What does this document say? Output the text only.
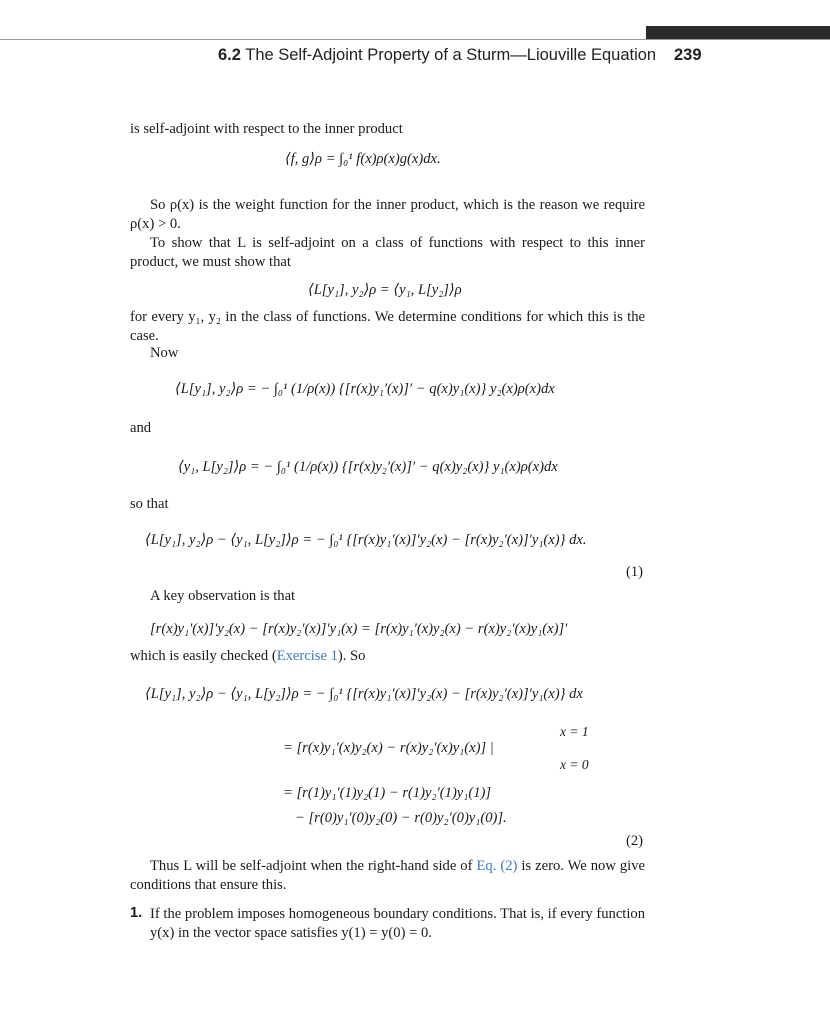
6.2 The Self-Adjoint Property of a Sturm—Liouville Equation 239
is self-adjoint with respect to the inner product
⟨f, g⟩ρ = ∫₀¹ f(x)ρ(x)g(x)dx.
So ρ(x) is the weight function for the inner product, which is the reason we require ρ(x) > 0.
To show that L is self-adjoint on a class of functions with respect to this inner product, we must show that
⟨L[y₁], y₂⟩ρ = ⟨y₁, L[y₂]⟩ρ
for every y₁, y₂ in the class of functions. We determine conditions for which this is the case.
Now
⟨L[y₁], y₂⟩ρ = − ∫₀¹ (1/ρ(x)) {[r(x)y₁′(x)]′ − q(x)y₁(x)} y₂(x)ρ(x)dx
and
⟨y₁, L[y₂]⟩ρ = − ∫₀¹ (1/ρ(x)) {[r(x)y₂′(x)]′ − q(x)y₂(x)} y₁(x)ρ(x)dx
so that
⟨L[y₁], y₂⟩ρ − ⟨y₁, L[y₂]⟩ρ = − ∫₀¹ {[r(x)y₁′(x)]′y₂(x) − [r(x)y₂′(x)]′y₁(x)} dx.
(1)
A key observation is that
[r(x)y₁′(x)]′y₂(x) − [r(x)y₂′(x)]′y₁(x) = [r(x)y₁′(x)y₂(x) − r(x)y₂′(x)y₁(x)]′
which is easily checked (Exercise 1). So
⟨L[y₁], y₂⟩ρ − ⟨y₁, L[y₂]⟩ρ = − ∫₀¹ {[r(x)y₁′(x)]′y₂(x) − [r(x)y₂′(x)]′y₁(x)} dx
x = 1
= [r(x)y₁′(x)y₂(x) − r(x)y₂′(x)y₁(x)] |
x = 0
= [r(1)y₁′(1)y₂(1) − r(1)y₂′(1)y₁(1)]
− [r(0)y₁′(0)y₂(0) − r(0)y₂′(0)y₁(0)].
(2)
Thus L will be self-adjoint when the right-hand side of Eq. (2) is zero. We now give conditions that ensure this.
1. If the problem imposes homogeneous boundary conditions. That is, if every function y(x) in the vector space satisfies y(1) = y(0) = 0.
